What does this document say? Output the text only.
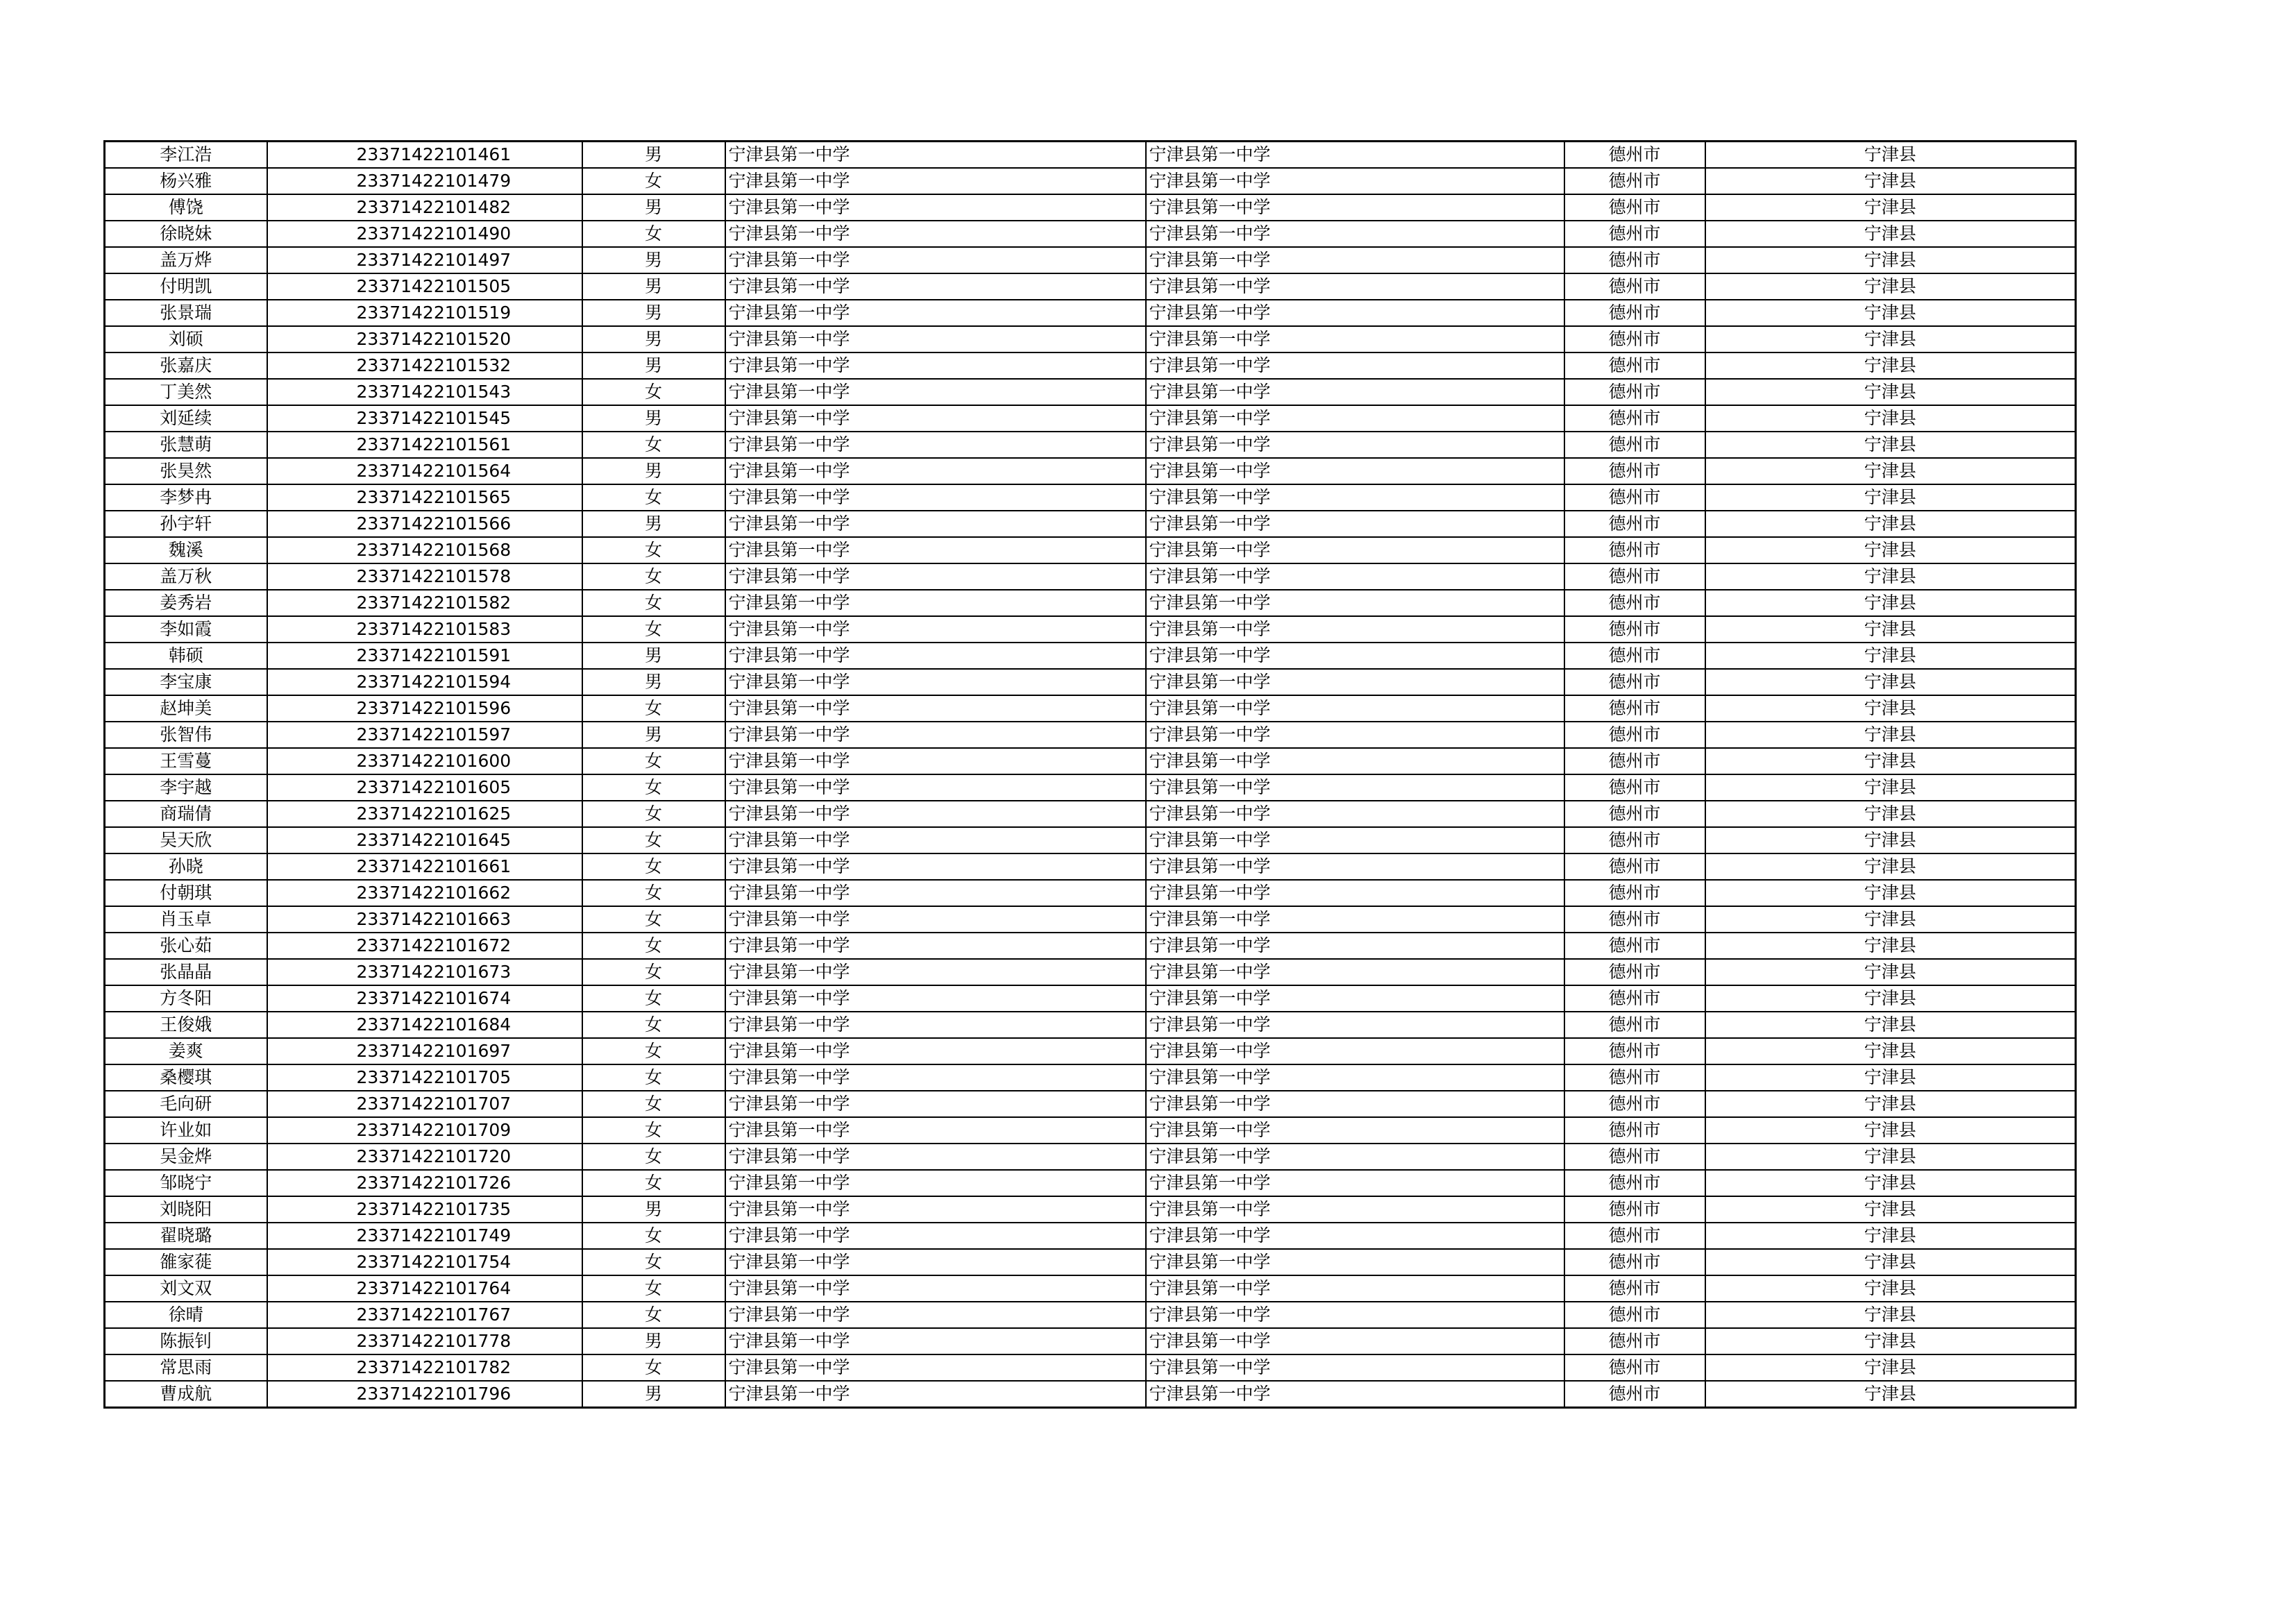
李江浩	23371422101461	男	宁津县第一中学	宁津县第一中学	德州市	宁津县
杨兴雅	23371422101479	女	宁津县第一中学	宁津县第一中学	德州市	宁津县
傅饶	23371422101482	男	宁津县第一中学	宁津县第一中学	德州市	宁津县
徐晓妹	23371422101490	女	宁津县第一中学	宁津县第一中学	德州市	宁津县
盖万烨	23371422101497	男	宁津县第一中学	宁津县第一中学	德州市	宁津县
付明凯	23371422101505	男	宁津县第一中学	宁津县第一中学	德州市	宁津县
张景瑞	23371422101519	男	宁津县第一中学	宁津县第一中学	德州市	宁津县
刘硕	23371422101520	男	宁津县第一中学	宁津县第一中学	德州市	宁津县
张嘉庆	23371422101532	男	宁津县第一中学	宁津县第一中学	德州市	宁津县
丁美然	23371422101543	女	宁津县第一中学	宁津县第一中学	德州市	宁津县
刘延续	23371422101545	男	宁津县第一中学	宁津县第一中学	德州市	宁津县
张慧萌	23371422101561	女	宁津县第一中学	宁津县第一中学	德州市	宁津县
张昊然	23371422101564	男	宁津县第一中学	宁津县第一中学	德州市	宁津县
李梦冉	23371422101565	女	宁津县第一中学	宁津县第一中学	德州市	宁津县
孙宇轩	23371422101566	男	宁津县第一中学	宁津县第一中学	德州市	宁津县
魏溪	23371422101568	女	宁津县第一中学	宁津县第一中学	德州市	宁津县
盖万秋	23371422101578	女	宁津县第一中学	宁津县第一中学	德州市	宁津县
姜秀岩	23371422101582	女	宁津县第一中学	宁津县第一中学	德州市	宁津县
李如霞	23371422101583	女	宁津县第一中学	宁津县第一中学	德州市	宁津县
韩硕	23371422101591	男	宁津县第一中学	宁津县第一中学	德州市	宁津县
李宝康	23371422101594	男	宁津县第一中学	宁津县第一中学	德州市	宁津县
赵坤美	23371422101596	女	宁津县第一中学	宁津县第一中学	德州市	宁津县
张智伟	23371422101597	男	宁津县第一中学	宁津县第一中学	德州市	宁津县
王雪蔓	23371422101600	女	宁津县第一中学	宁津县第一中学	德州市	宁津县
李宇越	23371422101605	女	宁津县第一中学	宁津县第一中学	德州市	宁津县
商瑞倩	23371422101625	女	宁津县第一中学	宁津县第一中学	德州市	宁津县
吴天欣	23371422101645	女	宁津县第一中学	宁津县第一中学	德州市	宁津县
孙晓	23371422101661	女	宁津县第一中学	宁津县第一中学	德州市	宁津县
付朝琪	23371422101662	女	宁津县第一中学	宁津县第一中学	德州市	宁津县
肖玉卓	23371422101663	女	宁津县第一中学	宁津县第一中学	德州市	宁津县
张心茹	23371422101672	女	宁津县第一中学	宁津县第一中学	德州市	宁津县
张晶晶	23371422101673	女	宁津县第一中学	宁津县第一中学	德州市	宁津县
方冬阳	23371422101674	女	宁津县第一中学	宁津县第一中学	德州市	宁津县
王俊娥	23371422101684	女	宁津县第一中学	宁津县第一中学	德州市	宁津县
姜爽	23371422101697	女	宁津县第一中学	宁津县第一中学	德州市	宁津县
桑樱琪	23371422101705	女	宁津县第一中学	宁津县第一中学	德州市	宁津县
毛向研	23371422101707	女	宁津县第一中学	宁津县第一中学	德州市	宁津县
许业如	23371422101709	女	宁津县第一中学	宁津县第一中学	德州市	宁津县
吴金烨	23371422101720	女	宁津县第一中学	宁津县第一中学	德州市	宁津县
邹晓宁	23371422101726	女	宁津县第一中学	宁津县第一中学	德州市	宁津县
刘晓阳	23371422101735	男	宁津县第一中学	宁津县第一中学	德州市	宁津县
翟晓璐	23371422101749	女	宁津县第一中学	宁津县第一中学	德州市	宁津县
雒家蓰	23371422101754	女	宁津县第一中学	宁津县第一中学	德州市	宁津县
刘文双	23371422101764	女	宁津县第一中学	宁津县第一中学	德州市	宁津县
徐晴	23371422101767	女	宁津县第一中学	宁津县第一中学	德州市	宁津县
陈振钊	23371422101778	男	宁津县第一中学	宁津县第一中学	德州市	宁津县
常思雨	23371422101782	女	宁津县第一中学	宁津县第一中学	德州市	宁津县
曹成航	23371422101796	男	宁津县第一中学	宁津县第一中学	德州市	宁津县
